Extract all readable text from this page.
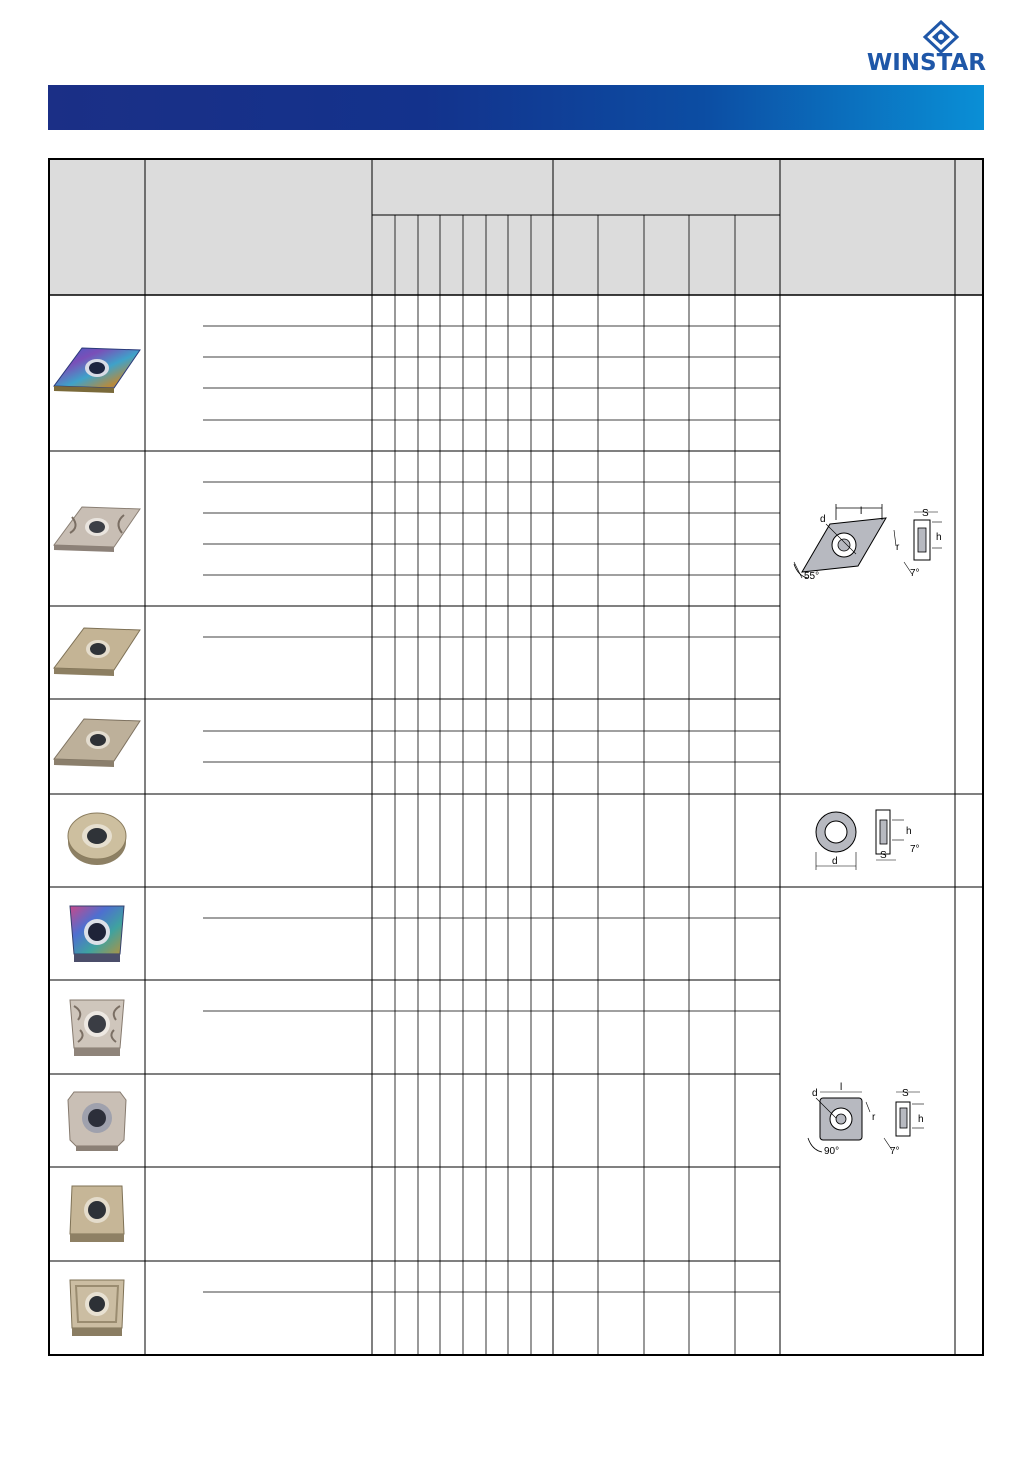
WINSTAR
d
l
r
55°
S
h
7°
d
h
S
7°
d
l
r
90°
S
h
7°
